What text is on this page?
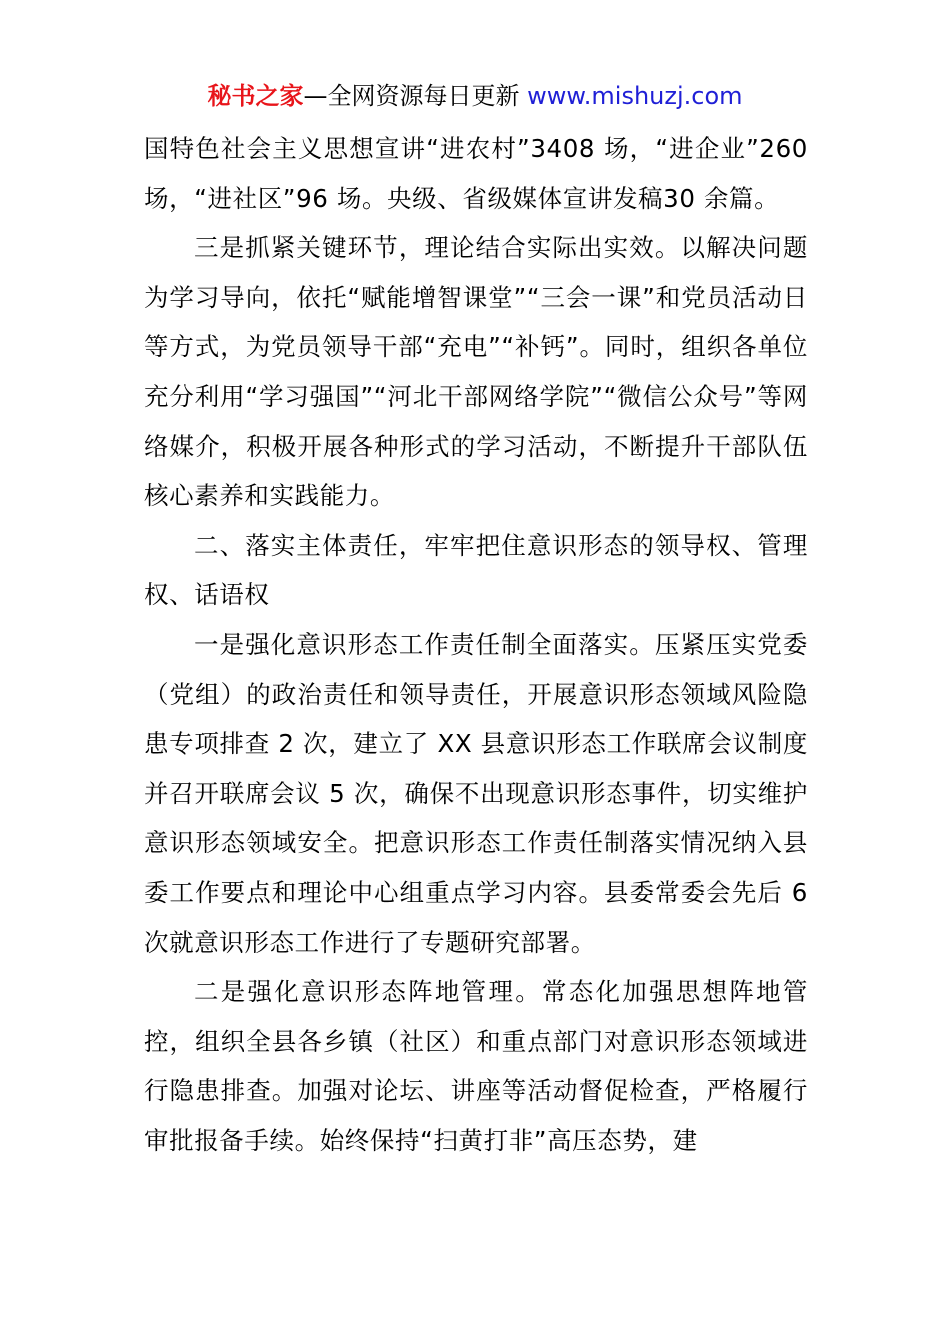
秘书之家—全网资源每日更新 www.mishuzj.com

国特色社会主义思想宣讲“进农村”3408 场，“进企业”260 场，“进社区”96 场。央级、省级媒体宣讲发稿30 余篇。

三是抓紧关键环节，理论结合实际出实效。以解决问题为学习导向，依托“赋能增智课堂”“三会一课”和党员活动日等方式，为党员领导干部“充电”“补钙”。同时，组织各单位充分利用“学习强国”“河北干部网络学院”“微信公众号”等网络媒介，积极开展各种形式的学习活动，不断提升干部队伍核心素养和实践能力。

二、落实主体责任，牢牢把住意识形态的领导权、管理权、话语权

一是强化意识形态工作责任制全面落实。压紧压实党委（党组）的政治责任和领导责任，开展意识形态领域风险隐患专项排查 2 次，建立了 XX 县意识形态工作联席会议制度并召开联席会议 5 次，确保不出现意识形态事件，切实维护意识形态领域安全。把意识形态工作责任制落实情况纳入县委工作要点和理论中心组重点学习内容。县委常委会先后 6 次就意识形态工作进行了专题研究部署。

二是强化意识形态阵地管理。常态化加强思想阵地管控，组织全县各乡镇（社区）和重点部门对意识形态领域进行隐患排查。加强对论坛、讲座等活动督促检查，严格履行审批报备手续。始终保持“扫黄打非”高压态势，建
